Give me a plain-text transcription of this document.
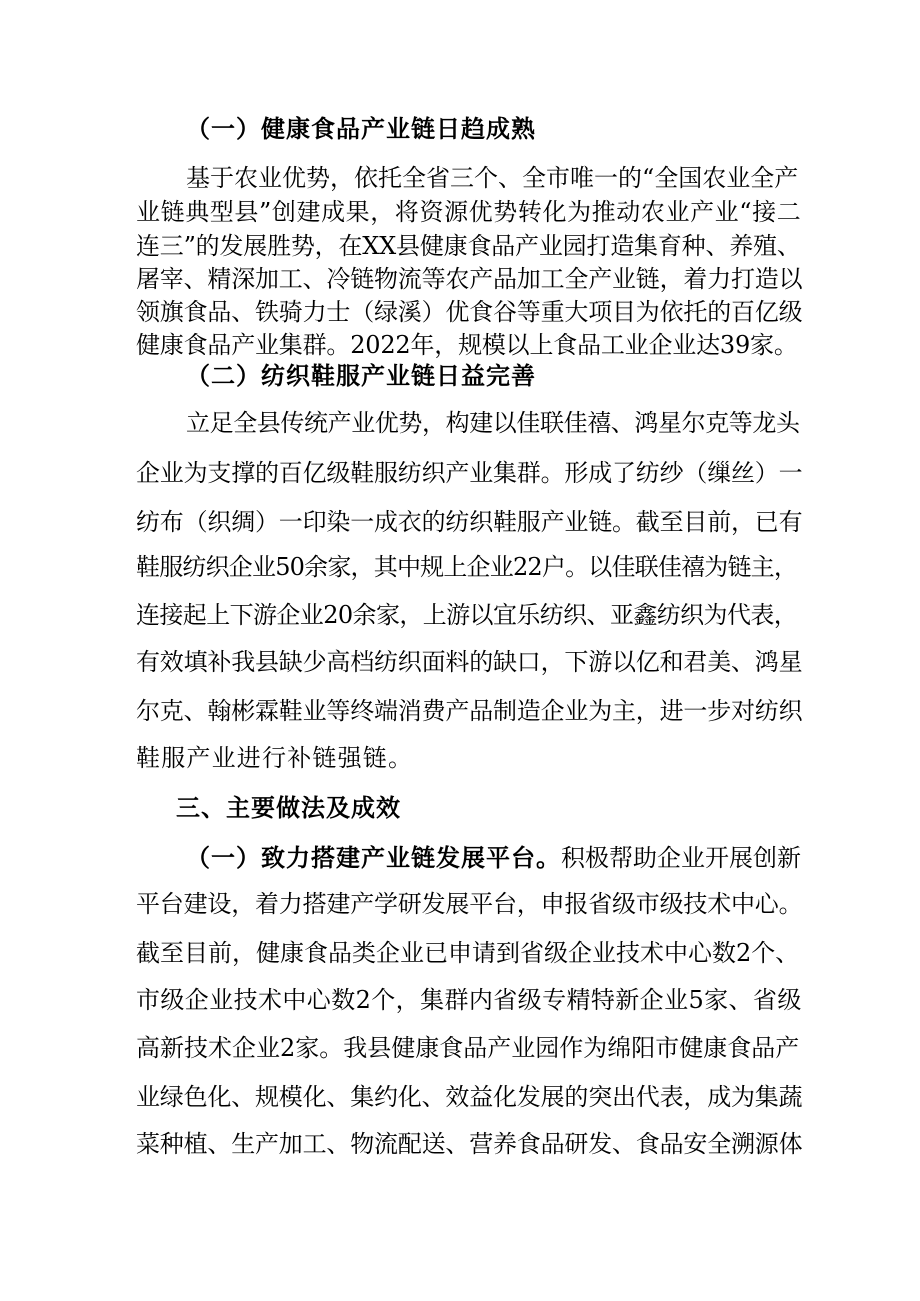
（一）健康食品产业链日趋成熟
基于农业优势，依托全省三个、全市唯一的“全国农业全产
业链典型县”创建成果，将资源优势转化为推动农业产业“接二
连三”的发展胜势，在XX县健康食品产业园打造集育种、养殖、
屠宰、精深加工、冷链物流等农产品加工全产业链，着力打造以
领旗食品、铁骑力士（绿溪）优食谷等重大项目为依托的百亿级
健康食品产业集群。2022年，规模以上食品工业企业达39家。
（二）纺织鞋服产业链日益完善
立足全县传统产业优势，构建以佳联佳禧、鸿星尔克等龙头
企业为支撑的百亿级鞋服纺织产业集群。形成了纺纱（缫丝）一
纺布（织绸）一印染一成衣的纺织鞋服产业链。截至目前，已有
鞋服纺织企业50余家，其中规上企业22户。以佳联佳禧为链主，
连接起上下游企业20余家，上游以宜乐纺织、亚鑫纺织为代表，
有效填补我县缺少高档纺织面料的缺口，下游以亿和君美、鸿星
尔克、翰彬霖鞋业等终端消费产品制造企业为主，进一步对纺织
鞋服产业进行补链强链。
三、主要做法及成效
（一）致力搭建产业链发展平台。积极帮助企业开展创新
平台建设，着力搭建产学研发展平台，申报省级市级技术中心。
截至目前，健康食品类企业已申请到省级企业技术中心数2个、
市级企业技术中心数2个，集群内省级专精特新企业5家、省级
高新技术企业2家。我县健康食品产业园作为绵阳市健康食品产
业绿色化、规模化、集约化、效益化发展的突出代表，成为集蔬
菜种植、生产加工、物流配送、营养食品研发、食品安全溯源体
